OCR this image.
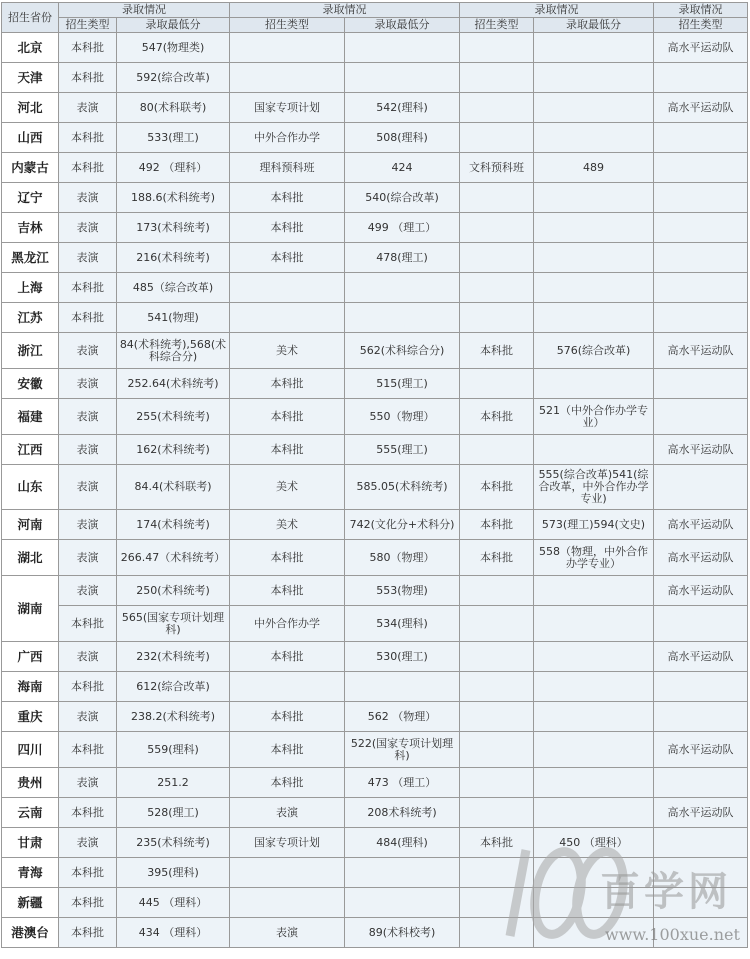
招生省份	录取情况		录取情况		录取情况		录取情况
	招生类型	录取最低分	招生类型	录取最低分	招生类型	录取最低分	招生类型
北京	本科批	547(物理类)					高水平运动队
天津	本科批	592(综合改革)					
河北	表演	80(术科联考)	国家专项计划	542(理科)			高水平运动队
山西	本科批	533(理工)	中外合作办学	508(理科)			
内蒙古	本科批	492 （理科）	理科预科班	424	文科预科班	489	
辽宁	表演	188.6(术科统考)	本科批	540(综合改革)			
吉林	表演	173(术科统考)	本科批	499 （理工）			
黑龙江	表演	216(术科统考)	本科批	478(理工)			
上海	本科批	485（综合改革)					
江苏	本科批	541(物理)					
浙江	表演	84(术科统考),568(术科综合分)	美术	562(术科综合分)	本科批	576(综合改革)	高水平运动队
安徽	表演	252.64(术科统考)	本科批	515(理工)			
福建	表演	255(术科统考)	本科批	550（物理）	本科批	521（中外合作办学专业）	
江西	表演	162(术科统考)	本科批	555(理工)			高水平运动队
山东	表演	84.4(术科联考)	美术	585.05(术科统考)	本科批	555(综合改革)541(综合改革，中外合作办学专业)	
河南	表演	174(术科统考)	美术	742(文化分+术科分)	本科批	573(理工)594(文史)	高水平运动队
湖北	表演	266.47（术科统考）	本科批	580（物理）	本科批	558（物理，中外合作办学专业）	高水平运动队
湖南	表演	250(术科统考)	本科批	553(物理)			高水平运动队
	本科批	565(国家专项计划理科)	中外合作办学	534(理科)			
广西	表演	232(术科统考)	本科批	530(理工)			高水平运动队
海南	本科批	612(综合改革)					
重庆	表演	238.2(术科统考)	本科批	562 （物理）			
四川	本科批	559(理科)	本科批	522(国家专项计划理科)			高水平运动队
贵州	表演	251.2	本科批	473 （理工）			
云南	本科批	528(理工)	表演	208术科统考)			高水平运动队
甘肃	表演	235(术科统考)	国家专项计划	484(理科)	本科批	450 （理科）	
青海	本科批	395(理科)					
新疆	本科批	445 （理科）					
港澳台	本科批	434 （理科）	表演	89(术科校考)			
百学网
www.100xue.net
